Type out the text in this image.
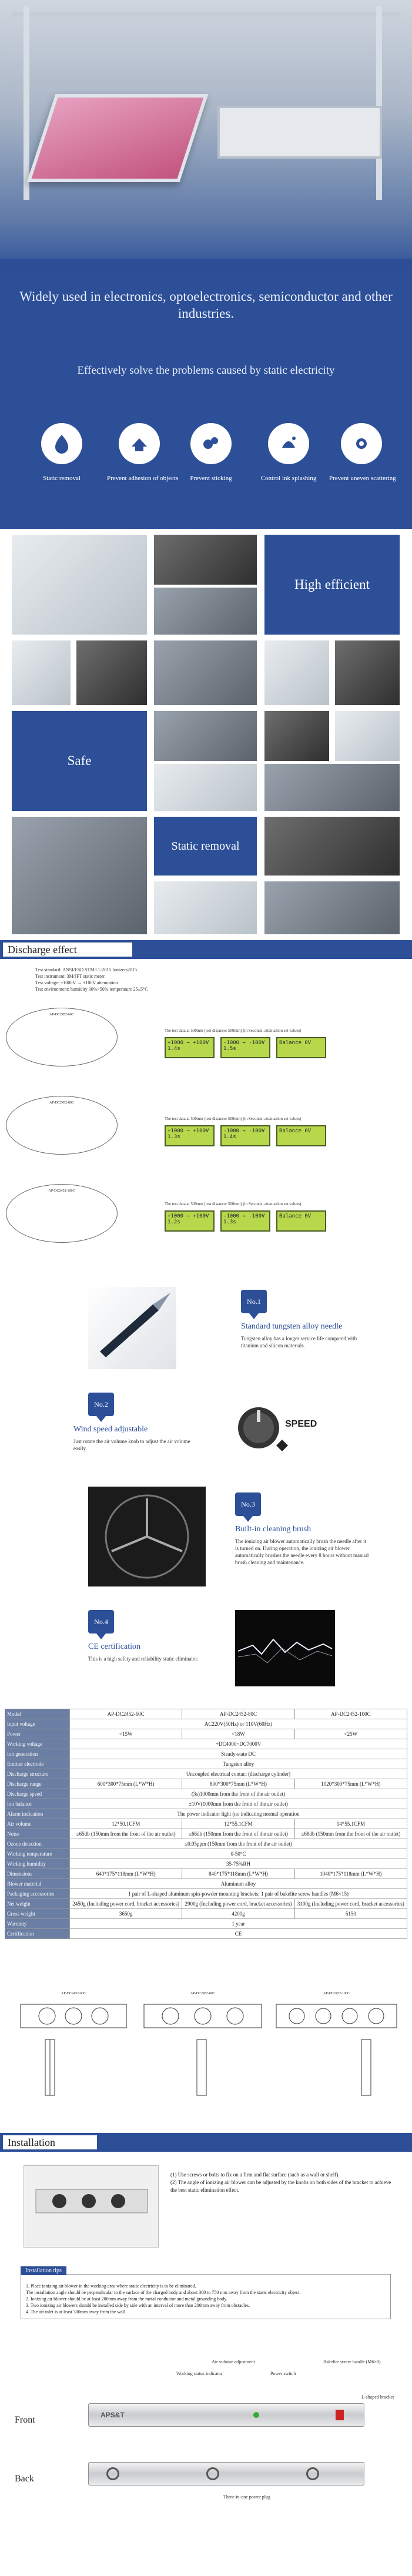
Widely used in electronics, optoelectronics, semiconductor and other industries.
Effectively solve the problems caused by static electricity
Static removal	Prevent adhesion of objects	Prevent sticking	Control ink splashing	Prevent uneven scattering
High efficient
Safe
Static removal
Discharge effect
Test standard: ANSI/ESD STM3.1-2015 Ionizers2015
Test instrument: 3M/JFT static meter
Test voltage: ±1000V → ±100V attenuation
Test environment: humidity 30%~50% temperature 25±5°C
AP-DC2452-60C
The test data at 500mm (test distance: 500mm) (in Seconds; attenuation set values)
+1000 → +100V 1.4s
-1000 → -100V 1.5s
Balance 0V
AP-DC2452-80C
The test data at 500mm (test distance: 500mm) (in Seconds; attenuation set values)
+1000 → +100V 1.3s
-1000 → -100V 1.4s
Balance 0V
AP-DC2452-100C
The test data at 500mm (test distance: 500mm) (in Seconds; attenuation set values)
+1000 → +100V 1.2s
-1000 → -100V 1.3s
Balance 0V
No.1
Standard tungsten alloy needle
Tungsten alloy has a longer service life compared with titanium and silicon materials.
No.2
Wind speed adjustable
Just rotate the air volume knob to adjust the air volume easily.
SPEED
No.3
Built-in cleaning brush
The ionizing air blower automatically brush the needle after it is turned on. During operation, the ionizing air blower automatically brushes the needle every 8 hours without manual brush cleaning and maintenance.
No.4
CE certification
This is a high safety and reliability static eliminator.
Model	AP-DC2452-60C	AP-DC2452-80C	AP-DC2452-100C
Input voltage	AC220V(50Hz) or 110V(60Hz)		
Power	<15W	<18W	<25W
Working voltage	+DC4000~DC7000V		
Ion generation	Steady-state DC		
Emitter electrode	Tungsten alloy		
Discharge structure	Uncoupled electrical contact (discharge cylinder)		
Discharge range	600*300*75mm (L*W*H)	800*300*75mm (L*W*H)	1020*300*75mm (L*W*H)
Discharge speed	(3s)1000mm from the front of the air outlet)		
Ion balance	±10V(1000mm from the front of the air outlet)		
Alarm indication	The power indicator light (no indicating normal operation		
Air volume	12*50.1CFM	12*55.1CFM	14*55.1CFM
Noise	≤65db (150mm from the front of the air outlet)	≤66db (150mm from the front of the air outlet)	≤68db (150mm from the front of the air outlet)
Ozone detection	≤0.05ppm (150mm from the front of the air outlet)		
Working temperature	0-50°C		
Working humidity	35-75%RH		
Dimensions	640*175*118mm (L*W*H)	840*175*118mm (L*W*H)	1040*175*118mm (L*W*H)
Blower material	Aluminum alloy		
Packaging accessories	1 pair of L-shaped aluminum spin-powder mounting brackets; 1 pair of bakelite screw handles (M6×15)		
Net weight	2450g (Including power cord, bracket accessories)	2900g (Including power cord, bracket accessories)	3100g (Including power cord, bracket accessories)
Gross weight	3650g	4200g	5150
Warranty	1 year		
Certification	CE		
AP-DC2452-60C	AP-DC2452-80C	AP-DC2452-100C
Installation
(1) Use screws or bolts to fix on a firm and flat surface (such as a wall or shelf).
(2) The angle of ionizing air blower can be adjusted by the knobs on both sides of the bracket to achieve the best static elimination effect.
Installation tips
1. Place ionizing air blower in the working area where static electricity is to be eliminated.
The installation angle should be perpendicular to the surface of the charged body and about 300 to 750 mm away from the static electricity object.
2. Ionizing air blower should be at least 200mm away from the metal conductor and metal grounding body.
3. Two ionizing air blowers should be installed side by side with an interval of more than 200mm away from obstacles.
4. The air inlet is at least 300mm away from the wall.
Air volume adjustment
Working status indicator	Power switch
Bakelite screw handle (M6×8)
L-shaped bracket
Front	APS&T
Back
Three-in-one power plug
